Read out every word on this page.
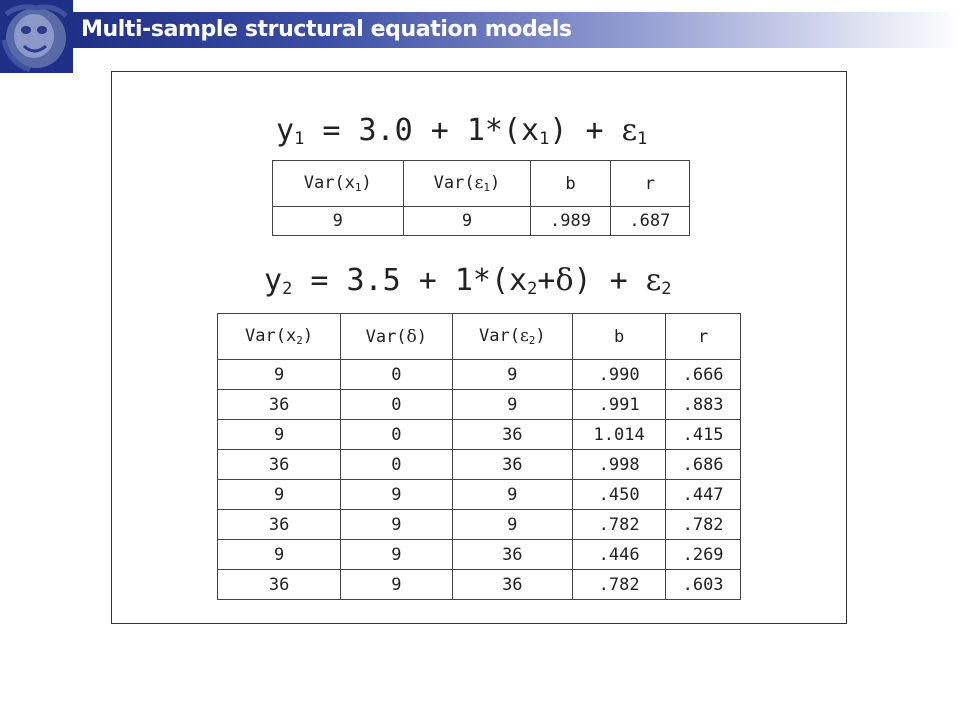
Multi-sample structural equation models
$y_1 = 3.0 + 1*(x_1) + \varepsilon_1$
$Var(x_1)$	$Var(\varepsilon_1)$	b	r
9	9	.989	.687
$y_2 = 3.5 + 1*(x_2+\delta) + \varepsilon_2$
$Var(x_2)$	Var(δ)	$Var(\varepsilon_2)$	b	r
9	0	9	.990	.666
36	0	9	.991	.883
9	0	36	1.014	.415
36	0	36	.998	.686
9	9	9	.450	.447
36	9	9	.782	.782
9	9	36	.446	.269
36	9	36	.782	.603
